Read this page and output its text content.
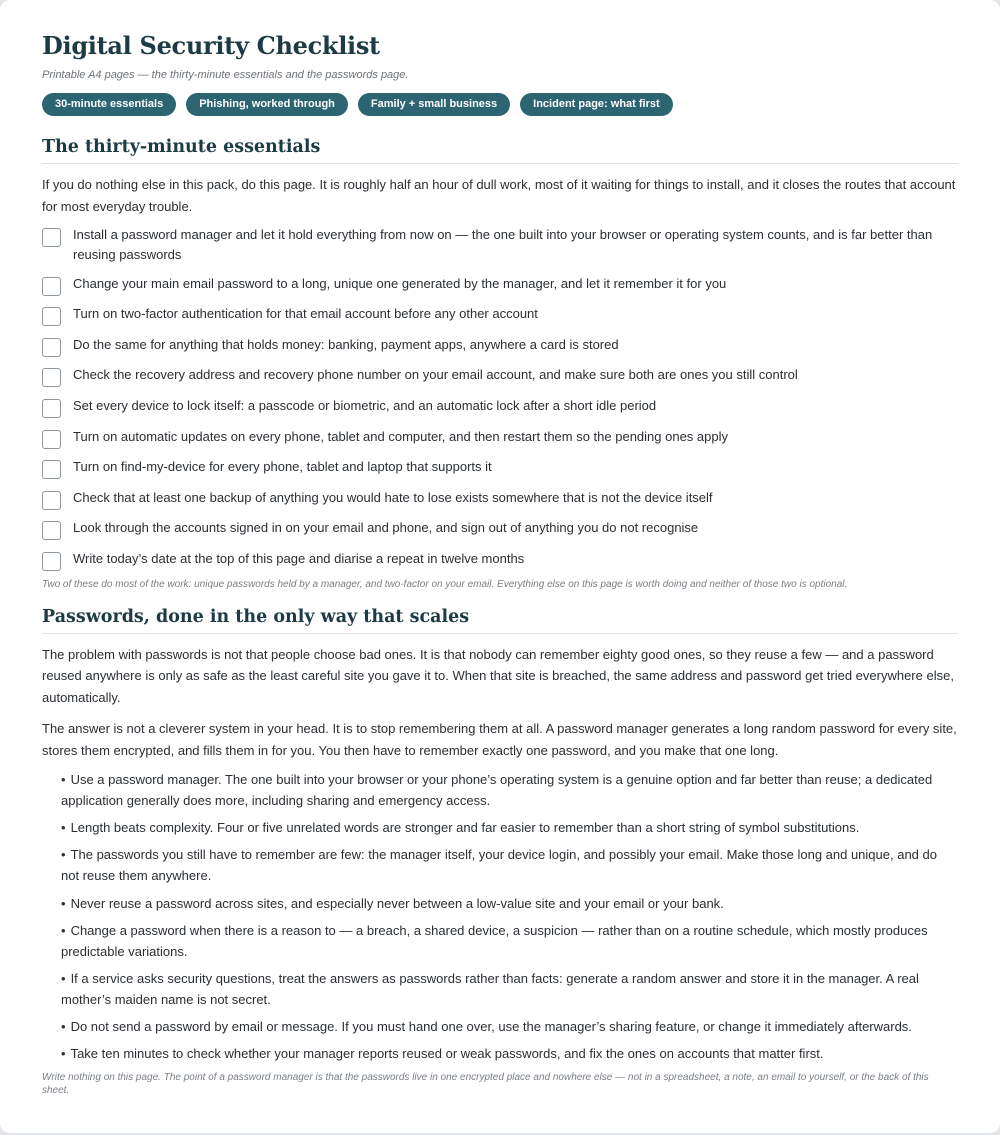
Digital Security Checklist
Printable A4 pages — the thirty-minute essentials and the passwords page.
30-minute essentials	Phishing, worked through	Family + small business	Incident page: what first
The thirty-minute essentials

If you do nothing else in this pack, do this page. It is roughly half an hour of dull work, most of it waiting for things to install, and it closes the routes that account for most everyday trouble.

Install a password manager and let it hold everything from now on — the one built into your browser or operating system counts, and is far better than reusing passwords
Change your main email password to a long, unique one generated by the manager, and let it remember it for you
Turn on two-factor authentication for that email account before any other account
Do the same for anything that holds money: banking, payment apps, anywhere a card is stored
Check the recovery address and recovery phone number on your email account, and make sure both are ones you still control
Set every device to lock itself: a passcode or biometric, and an automatic lock after a short idle period
Turn on automatic updates on every phone, tablet and computer, and then restart them so the pending ones apply
Turn on find-my-device for every phone, tablet and laptop that supports it
Check that at least one backup of anything you would hate to lose exists somewhere that is not the device itself
Look through the accounts signed in on your email and phone, and sign out of anything you do not recognise
Write today’s date at the top of this page and diarise a repeat in twelve months
Two of these do most of the work: unique passwords held by a manager, and two-factor on your email. Everything else on this page is worth doing and neither of those two is optional.
Passwords, done in the only way that scales

The problem with passwords is not that people choose bad ones. It is that nobody can remember eighty good ones, so they reuse a few — and a password reused anywhere is only as safe as the least careful site you gave it to. When that site is breached, the same address and password get tried everywhere else, automatically.

The answer is not a cleverer system in your head. It is to stop remembering them at all. A password manager generates a long random password for every site, stores them encrypted, and fills them in for you. You then have to remember exactly one password, and you make that one long.

• Use a password manager. The one built into your browser or your phone’s operating system is a genuine option and far better than reuse; a dedicated application generally does more, including sharing and emergency access.
• Length beats complexity. Four or five unrelated words are stronger and far easier to remember than a short string of symbol substitutions.
• The passwords you still have to remember are few: the manager itself, your device login, and possibly your email. Make those long and unique, and do not reuse them anywhere.
• Never reuse a password across sites, and especially never between a low-value site and your email or your bank.
• Change a password when there is a reason to — a breach, a shared device, a suspicion — rather than on a routine schedule, which mostly produces predictable variations.
• If a service asks security questions, treat the answers as passwords rather than facts: generate a random answer and store it in the manager. A real mother’s maiden name is not secret.
• Do not send a password by email or message. If you must hand one over, use the manager’s sharing feature, or change it immediately afterwards.
• Take ten minutes to check whether your manager reports reused or weak passwords, and fix the ones on accounts that matter first.
Write nothing on this page. The point of a password manager is that the passwords live in one encrypted place and nowhere else — not in a spreadsheet, a note, an email to yourself, or the back of this sheet.
